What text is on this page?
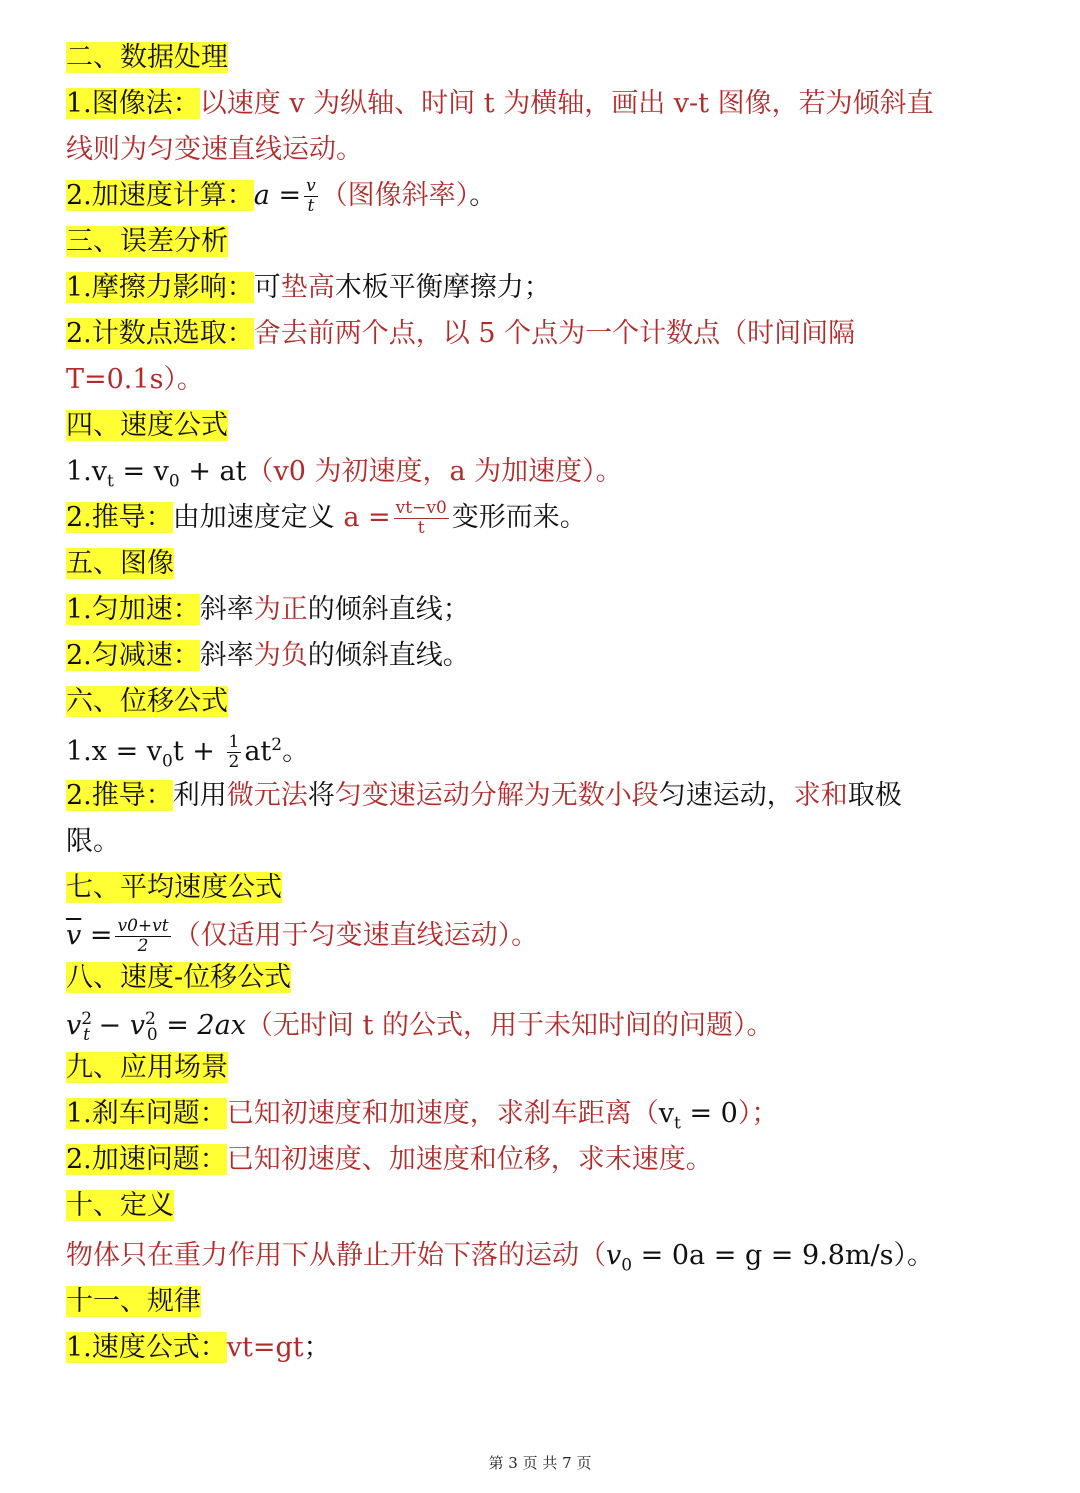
二、数据处理

1.图像法：以速度 v 为纵轴、时间 t 为横轴，画出 v-t 图像，若为倾斜直

线则为匀变速直线运动。

2.加速度计算：$a = \frac{v}{t}$ （图像斜率）。

三、误差分析

1.摩擦力影响：可垫高木板平衡摩擦力；

2.计数点选取：舍去前两个点，以 5 个点为一个计数点（时间间隔

T=0.1s）。

四、速度公式

$1.v_t = v_0 + at(v0$ 为初速度，a 为加速度）。

2.推导：由加速度定义 $a = \frac{vt-v0}{t}$ 变形而来。

五、图像

1.匀加速：斜率为正的倾斜直线；

2.匀减速：斜率为负的倾斜直线。

六、位移公式

$1.x = v_0t + \frac{1}{2} at^2$。

2.推导：利用微元法将匀变速运动分解为无数小段匀速运动，求和取极

限。

七、平均速度公式

$\overline{v} = \frac{v0+vt}{2}$ （仅适用于匀变速直线运动）。

八、速度-位移公式

$v^2_t - v^2_0 = 2ax$（无时间 t 的公式，用于未知时间的问题）。

九、应用场景

1.刹车问题：已知初速度和加速度，求刹车距离$(v_t = 0)$；

2.加速问题：已知初速度、加速度和位移，求末速度。

十、定义

物体只在重力作用下从静止开始下落的运动$(v_0 = 0a = g = 9.8m/s)$。

十一、规律

1.速度公式：vt=gt；

第 3 页 共 7 页
